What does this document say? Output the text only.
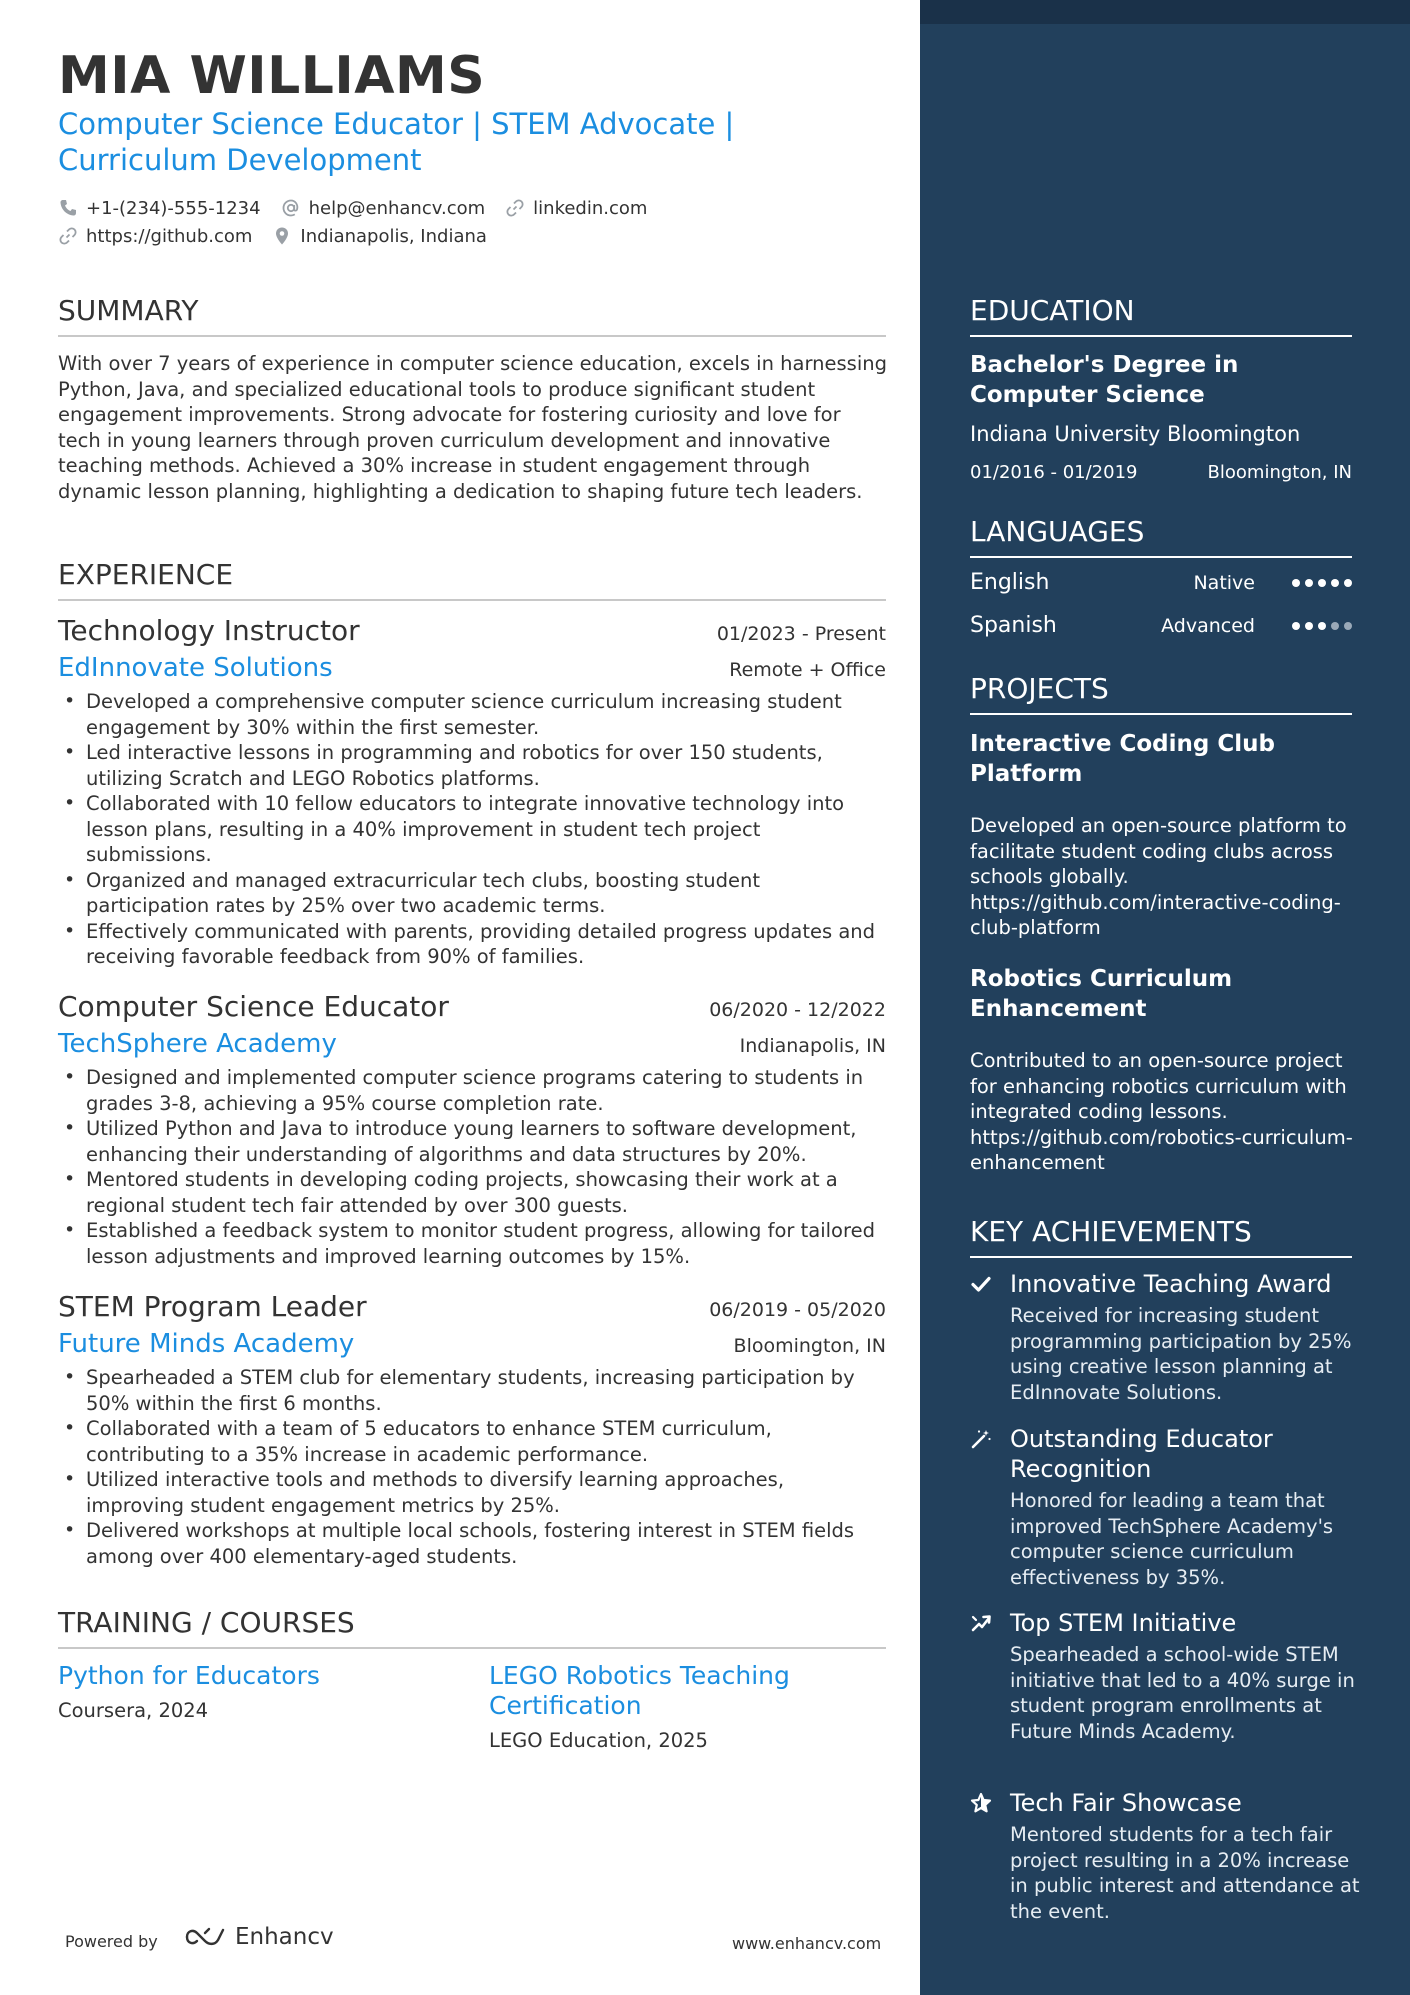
MIA WILLIAMS
Computer Science Educator | STEM Advocate | Curriculum Development
+1-(234)-555-1234	help@enhancv.com	linkedin.com
https://github.com	Indianapolis, Indiana
SUMMARY
With over 7 years of experience in computer science education, excels in harnessing Python, Java, and specialized educational tools to produce significant student engagement improvements. Strong advocate for fostering curiosity and love for tech in young learners through proven curriculum development and innovative teaching methods. Achieved a 30% increase in student engagement through dynamic lesson planning, highlighting a dedication to shaping future tech leaders.
EXPERIENCE
Technology Instructor	01/2023 - Present
EdInnovate Solutions	Remote + Office
• Developed a comprehensive computer science curriculum increasing student engagement by 30% within the first semester.
• Led interactive lessons in programming and robotics for over 150 students, utilizing Scratch and LEGO Robotics platforms.
• Collaborated with 10 fellow educators to integrate innovative technology into lesson plans, resulting in a 40% improvement in student tech project submissions.
• Organized and managed extracurricular tech clubs, boosting student participation rates by 25% over two academic terms.
• Effectively communicated with parents, providing detailed progress updates and receiving favorable feedback from 90% of families.
Computer Science Educator	06/2020 - 12/2022
TechSphere Academy	Indianapolis, IN
• Designed and implemented computer science programs catering to students in grades 3-8, achieving a 95% course completion rate.
• Utilized Python and Java to introduce young learners to software development, enhancing their understanding of algorithms and data structures by 20%.
• Mentored students in developing coding projects, showcasing their work at a regional student tech fair attended by over 300 guests.
• Established a feedback system to monitor student progress, allowing for tailored lesson adjustments and improved learning outcomes by 15%.
STEM Program Leader	06/2019 - 05/2020
Future Minds Academy	Bloomington, IN
• Spearheaded a STEM club for elementary students, increasing participation by 50% within the first 6 months.
• Collaborated with a team of 5 educators to enhance STEM curriculum, contributing to a 35% increase in academic performance.
• Utilized interactive tools and methods to diversify learning approaches, improving student engagement metrics by 25%.
• Delivered workshops at multiple local schools, fostering interest in STEM fields among over 400 elementary-aged students.
TRAINING / COURSES
Python for Educators
Coursera, 2024
LEGO Robotics Teaching Certification
LEGO Education, 2025
Powered by	Enhancv	www.enhancv.com
EDUCATION
Bachelor's Degree in Computer Science
Indiana University Bloomington
01/2016 - 01/2019	Bloomington, IN
LANGUAGES
English	Native
Spanish	Advanced
PROJECTS
Interactive Coding Club Platform
Developed an open-source platform to facilitate student coding clubs across schools globally. https://github.com/interactive-coding-club-platform
Robotics Curriculum Enhancement
Contributed to an open-source project for enhancing robotics curriculum with integrated coding lessons. https://github.com/robotics-curriculum-enhancement
KEY ACHIEVEMENTS
Innovative Teaching Award
Received for increasing student programming participation by 25% using creative lesson planning at EdInnovate Solutions.
Outstanding Educator Recognition
Honored for leading a team that improved TechSphere Academy's computer science curriculum effectiveness by 35%.
Top STEM Initiative
Spearheaded a school-wide STEM initiative that led to a 40% surge in student program enrollments at Future Minds Academy.
Tech Fair Showcase
Mentored students for a tech fair project resulting in a 20% increase in public interest and attendance at the event.
